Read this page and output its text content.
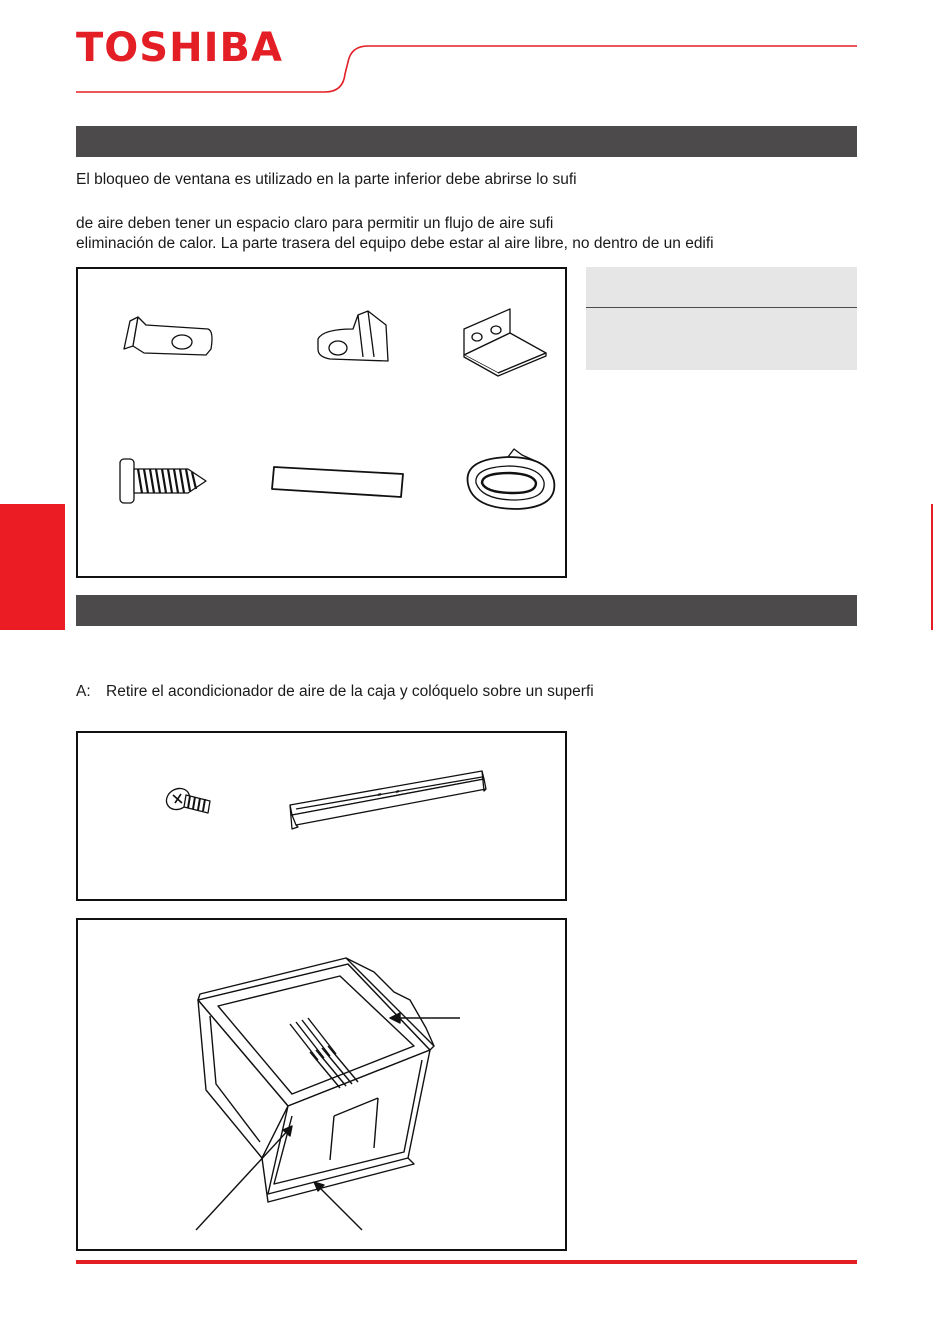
TOSHIBA
El bloqueo de ventana es utilizado en la parte inferior debe abrirse lo sufi
de aire deben tener un espacio claro para permitir un flujo de aire sufi
eliminación de calor. La parte trasera del equipo debe estar al aire libre, no dentro de un edifi
A: Retire el acondicionador de aire de la caja y colóquelo sobre un superfi
